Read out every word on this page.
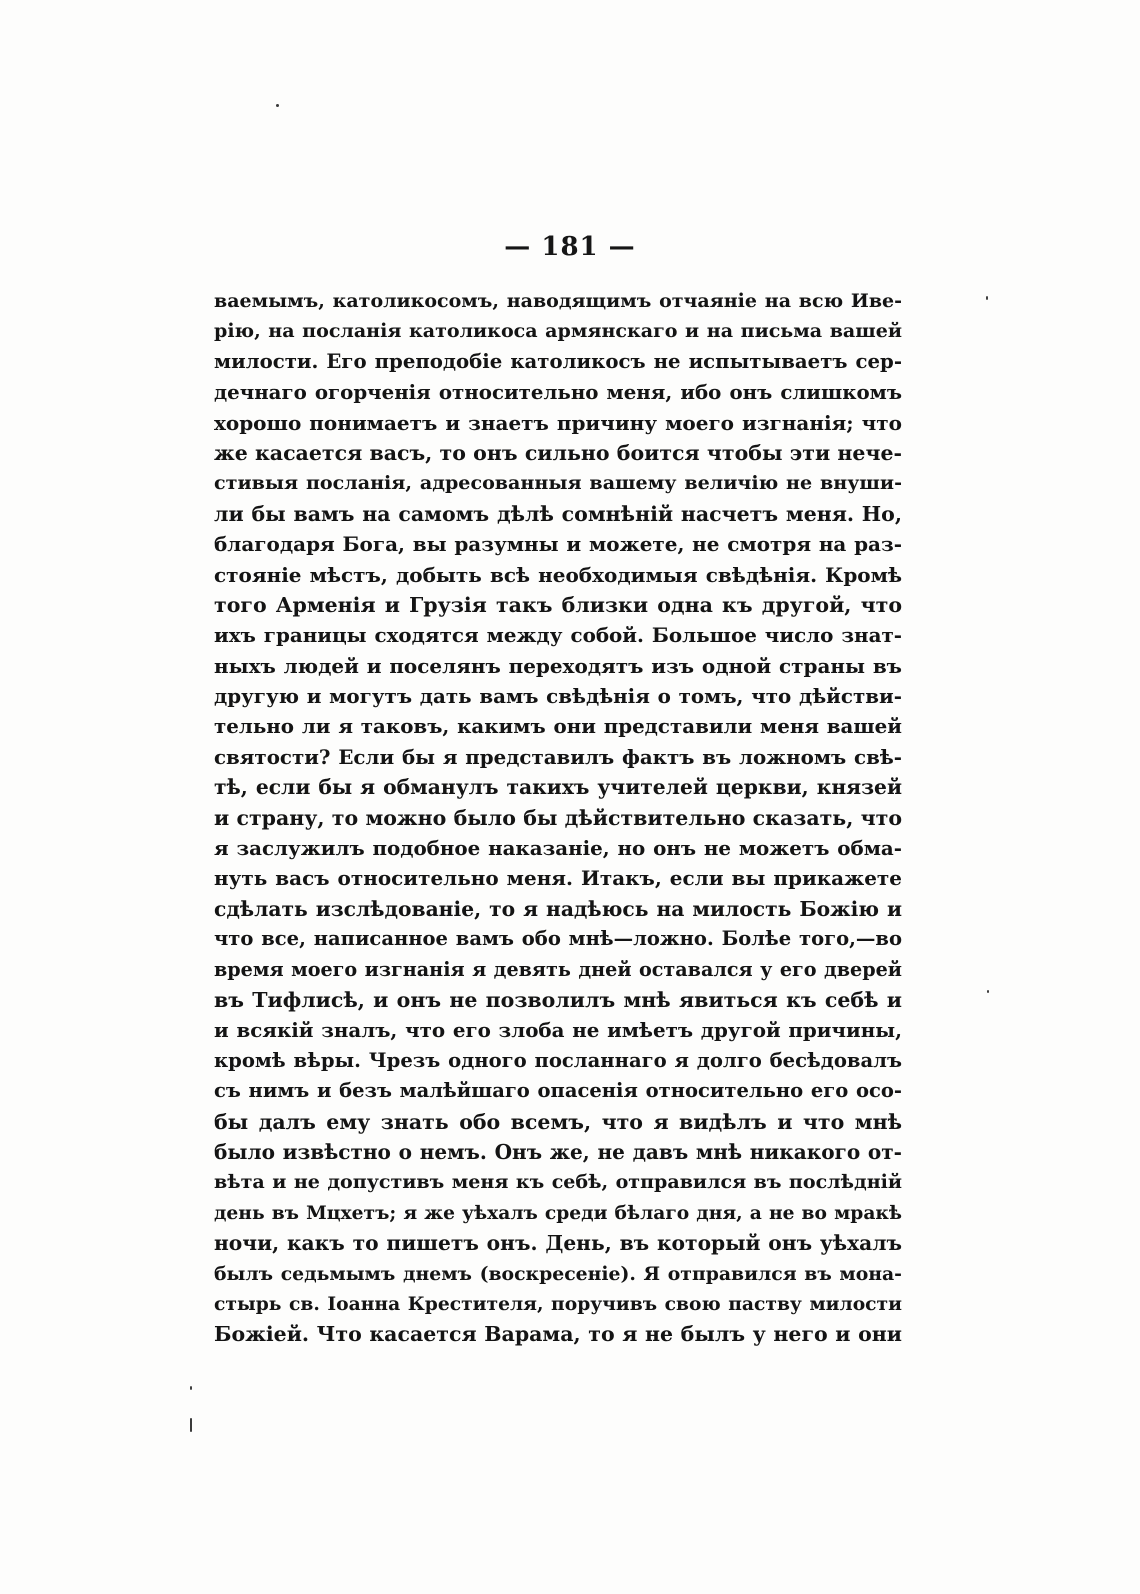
— 181 —
ваемымъ, католикосомъ, наводящимъ отчаяніе на всю Иве-
рію, на посланія католикоса армянскаго и на письма вашей
милости. Его преподобіе католикосъ не испытываетъ сер-
дечнаго огорченія относительно меня, ибо онъ слишкомъ
хорошо понимаетъ и знаетъ причину моего изгнанія; что
же касается васъ, то онъ сильно боится чтобы эти нече-
стивыя посланія, адресованныя вашему величію не внуши-
ли бы вамъ на самомъ дѣлѣ сомнѣній насчетъ меня. Но,
благодаря Бога, вы разумны и можете, не смотря на раз-
стояніе мѣстъ, добыть всѣ необходимыя свѣдѣнія. Кромѣ
того Арменія и Грузія такъ близки одна къ другой, что
ихъ границы сходятся между собой. Большое число знат-
ныхъ людей и поселянъ переходятъ изъ одной страны въ
другую и могутъ дать вамъ свѣдѣнія о томъ, что дѣйстви-
тельно ли я таковъ, какимъ они представили меня вашей
святости? Если бы я представилъ фактъ въ ложномъ свѣ-
тѣ, если бы я обманулъ такихъ учителей церкви, князей
и страну, то можно было бы дѣйствительно сказать, что
я заслужилъ подобное наказаніе, но онъ не можетъ обма-
нуть васъ относительно меня. Итакъ, если вы прикажете
сдѣлать изслѣдованіе, то я надѣюсь на милость Божію и
что все, написанное вамъ обо мнѣ—ложно. Болѣе того,—во
время моего изгнанія я девять дней оставался у его дверей
въ Тифлисѣ, и онъ не позволилъ мнѣ явиться къ себѣ и
и всякій зналъ, что его злоба не имѣетъ другой причины,
кромѣ вѣры. Чрезъ одного посланнаго я долго бесѣдовалъ
съ нимъ и безъ малѣйшаго опасенія относительно его осо-
бы далъ ему знать обо всемъ, что я видѣлъ и что мнѣ
было извѣстно о немъ. Онъ же, не давъ мнѣ никакого от-
вѣта и не допустивъ меня къ себѣ, отправился въ послѣдній
день въ Мцхетъ; я же уѣхалъ среди бѣлаго дня, а не во мракѣ
ночи, какъ то пишетъ онъ. День, въ который онъ уѣхалъ
былъ седьмымъ днемъ (воскресеніе). Я отправился въ мона-
стырь св. Іоанна Крестителя, поручивъ свою паству милости
Божіей. Что касается Варама, то я не былъ у него и они
